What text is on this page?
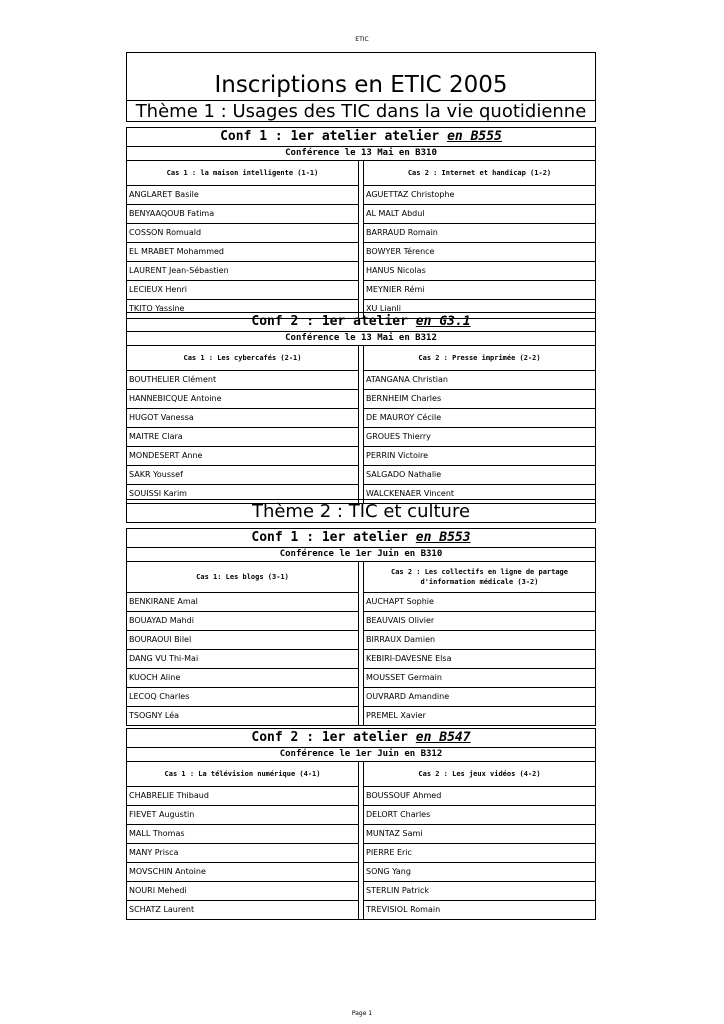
ETIC
Inscriptions en ETIC 2005
Thème 1 : Usages des TIC dans la vie quotidienne
Conf 1 : 1er atelier atelier en B555
Conférence le 13 Mai en B310
Cas 1 : la maison intelligente (1-1)
ANGLARET Basile
BENYAAQOUB Fatima
COSSON Romuald
EL MRABET Mohammed
LAURENT Jean-Sébastien
LECIEUX Henri
TKITO Yassine
Cas 2 : Internet et handicap (1-2)
AGUETTAZ Christophe
AL MALT Abdul
BARRAUD Romain
BOWYER Térence
HANUS Nicolas
MEYNIER Rémi
XU Lianli
Conf 2 : 1er atelier en G3.1
Conférence le 13 Mai en B312
Cas 1 : Les cybercafés (2-1)
BOUTHELIER Clément
HANNEBICQUE Antoine
HUGOT Vanessa
MAITRE Clara
MONDESERT Anne
SAKR Youssef
SOUISSI Karim
Cas 2 : Presse imprimée (2-2)
ATANGANA Christian
BERNHEIM Charles
DE MAUROY Cécile
GROUES Thierry
PERRIN Victoire
SALGADO Nathalie
WALCKENAER Vincent
Thème 2 : TIC et culture
Conf 1 : 1er atelier en B553
Conférence le 1er Juin en B310
Cas 1: Les blogs (3-1)
BENKIRANE Amal
BOUAYAD Mahdi
BOURAOUI Bilel
DANG VU Thi-Mai
KUOCH Aline
LECOQ Charles
TSOGNY Léa
Cas 2 : Les collectifs en ligne de partage d'information médicale (3-2)
AUCHAPT Sophie
BEAUVAIS Olivier
BIRRAUX Damien
KEBIRI-DAVESNE Elsa
MOUSSET Germain
OUVRARD Amandine
PREMEL Xavier
Conf 2 : 1er atelier en B547
Conférence le 1er Juin en B312
Cas 1 : La télévision numérique (4-1)
CHABRELIE Thibaud
FIEVET Augustin
MALL Thomas
MANY Prisca
MOVSCHIN Antoine
NOURI Mehedi
SCHATZ Laurent
Cas 2 : Les jeux vidéos (4-2)
BOUSSOUF Ahmed
DELORT Charles
MUNTAZ Sami
PIERRE Eric
SONG Yang
STERLIN Patrick
TREVISIOL Romain
Page 1
